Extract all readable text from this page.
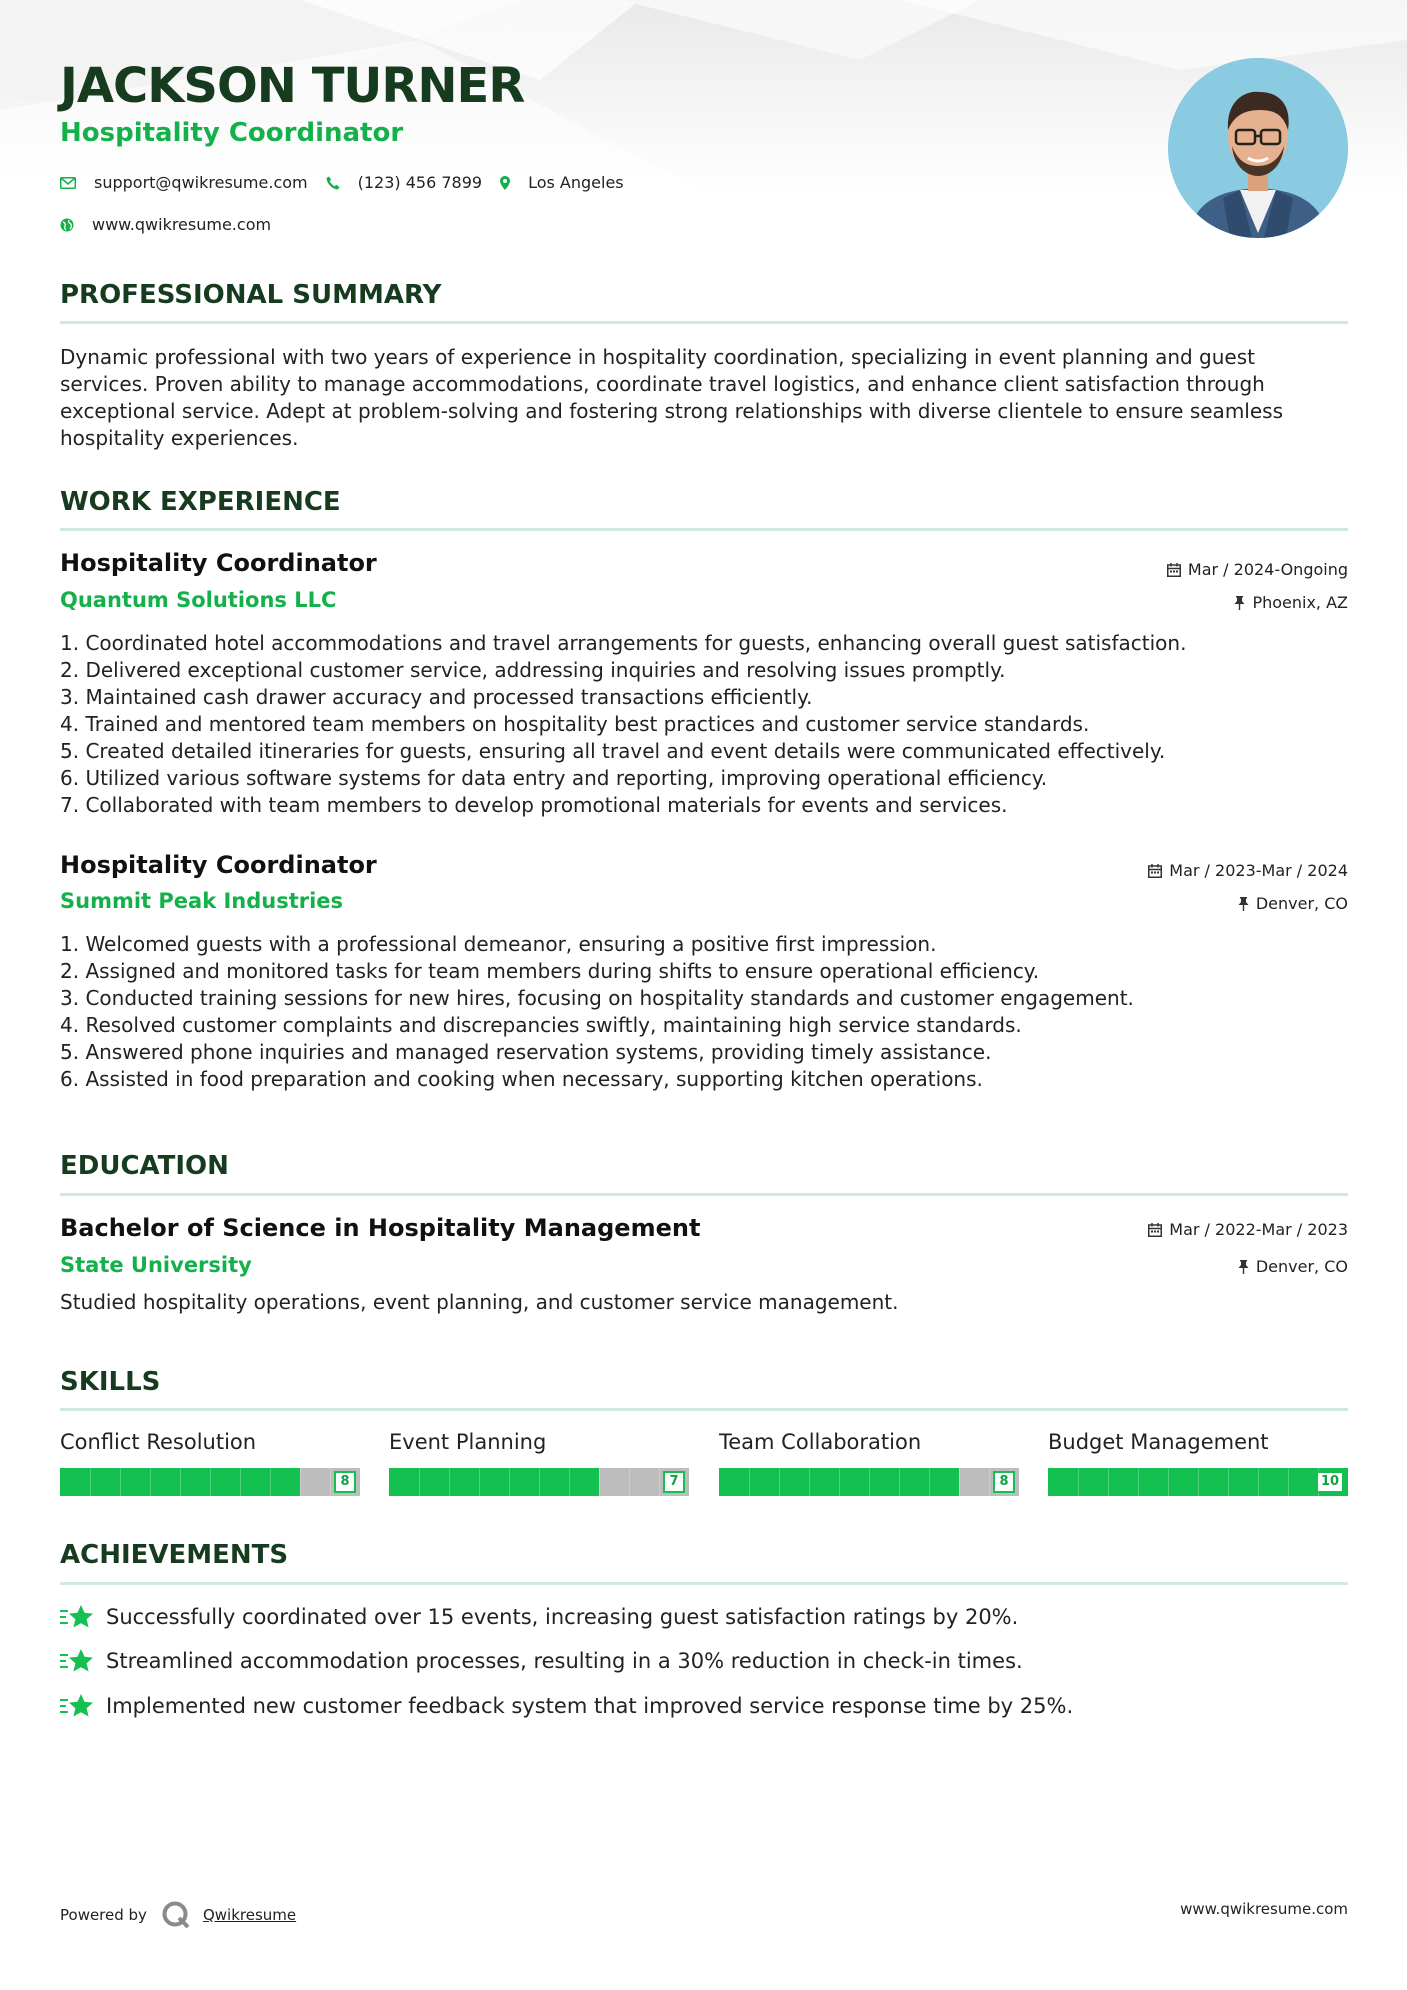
JACKSON TURNER
Hospitality Coordinator
support@qwikresume.com	(123) 456 7899	Los Angeles
www.qwikresume.com
PROFESSIONAL SUMMARY

Dynamic professional with two years of experience in hospitality coordination, specializing in event planning and guest services. Proven ability to manage accommodations, coordinate travel logistics, and enhance client satisfaction through exceptional service. Adept at problem-solving and fostering strong relationships with diverse clientele to ensure seamless hospitality experiences.

WORK EXPERIENCE
Hospitality Coordinator	Mar / 2024-Ongoing
Quantum Solutions LLC	Phoenix, AZ
1. Coordinated hotel accommodations and travel arrangements for guests, enhancing overall guest satisfaction.
2. Delivered exceptional customer service, addressing inquiries and resolving issues promptly.
3. Maintained cash drawer accuracy and processed transactions efficiently.
4. Trained and mentored team members on hospitality best practices and customer service standards.
5. Created detailed itineraries for guests, ensuring all travel and event details were communicated effectively.
6. Utilized various software systems for data entry and reporting, improving operational efficiency.
7. Collaborated with team members to develop promotional materials for events and services.
Hospitality Coordinator	Mar / 2023-Mar / 2024
Summit Peak Industries	Denver, CO
1. Welcomed guests with a professional demeanor, ensuring a positive first impression.
2. Assigned and monitored tasks for team members during shifts to ensure operational efficiency.
3. Conducted training sessions for new hires, focusing on hospitality standards and customer engagement.
4. Resolved customer complaints and discrepancies swiftly, maintaining high service standards.
5. Answered phone inquiries and managed reservation systems, providing timely assistance.
6. Assisted in food preparation and cooking when necessary, supporting kitchen operations.
EDUCATION
Bachelor of Science in Hospitality Management	Mar / 2022-Mar / 2023
State University	Denver, CO

Studied hospitality operations, event planning, and customer service management.

SKILLS
Conflict Resolution
8
Event Planning
7
Team Collaboration
8
Budget Management
10
ACHIEVEMENTS
Successfully coordinated over 15 events, increasing guest satisfaction ratings by 20%.
Streamlined accommodation processes, resulting in a 30% reduction in check-in times.
Implemented new customer feedback system that improved service response time by 25%.
Powered by	Qwikresume	www.qwikresume.com
